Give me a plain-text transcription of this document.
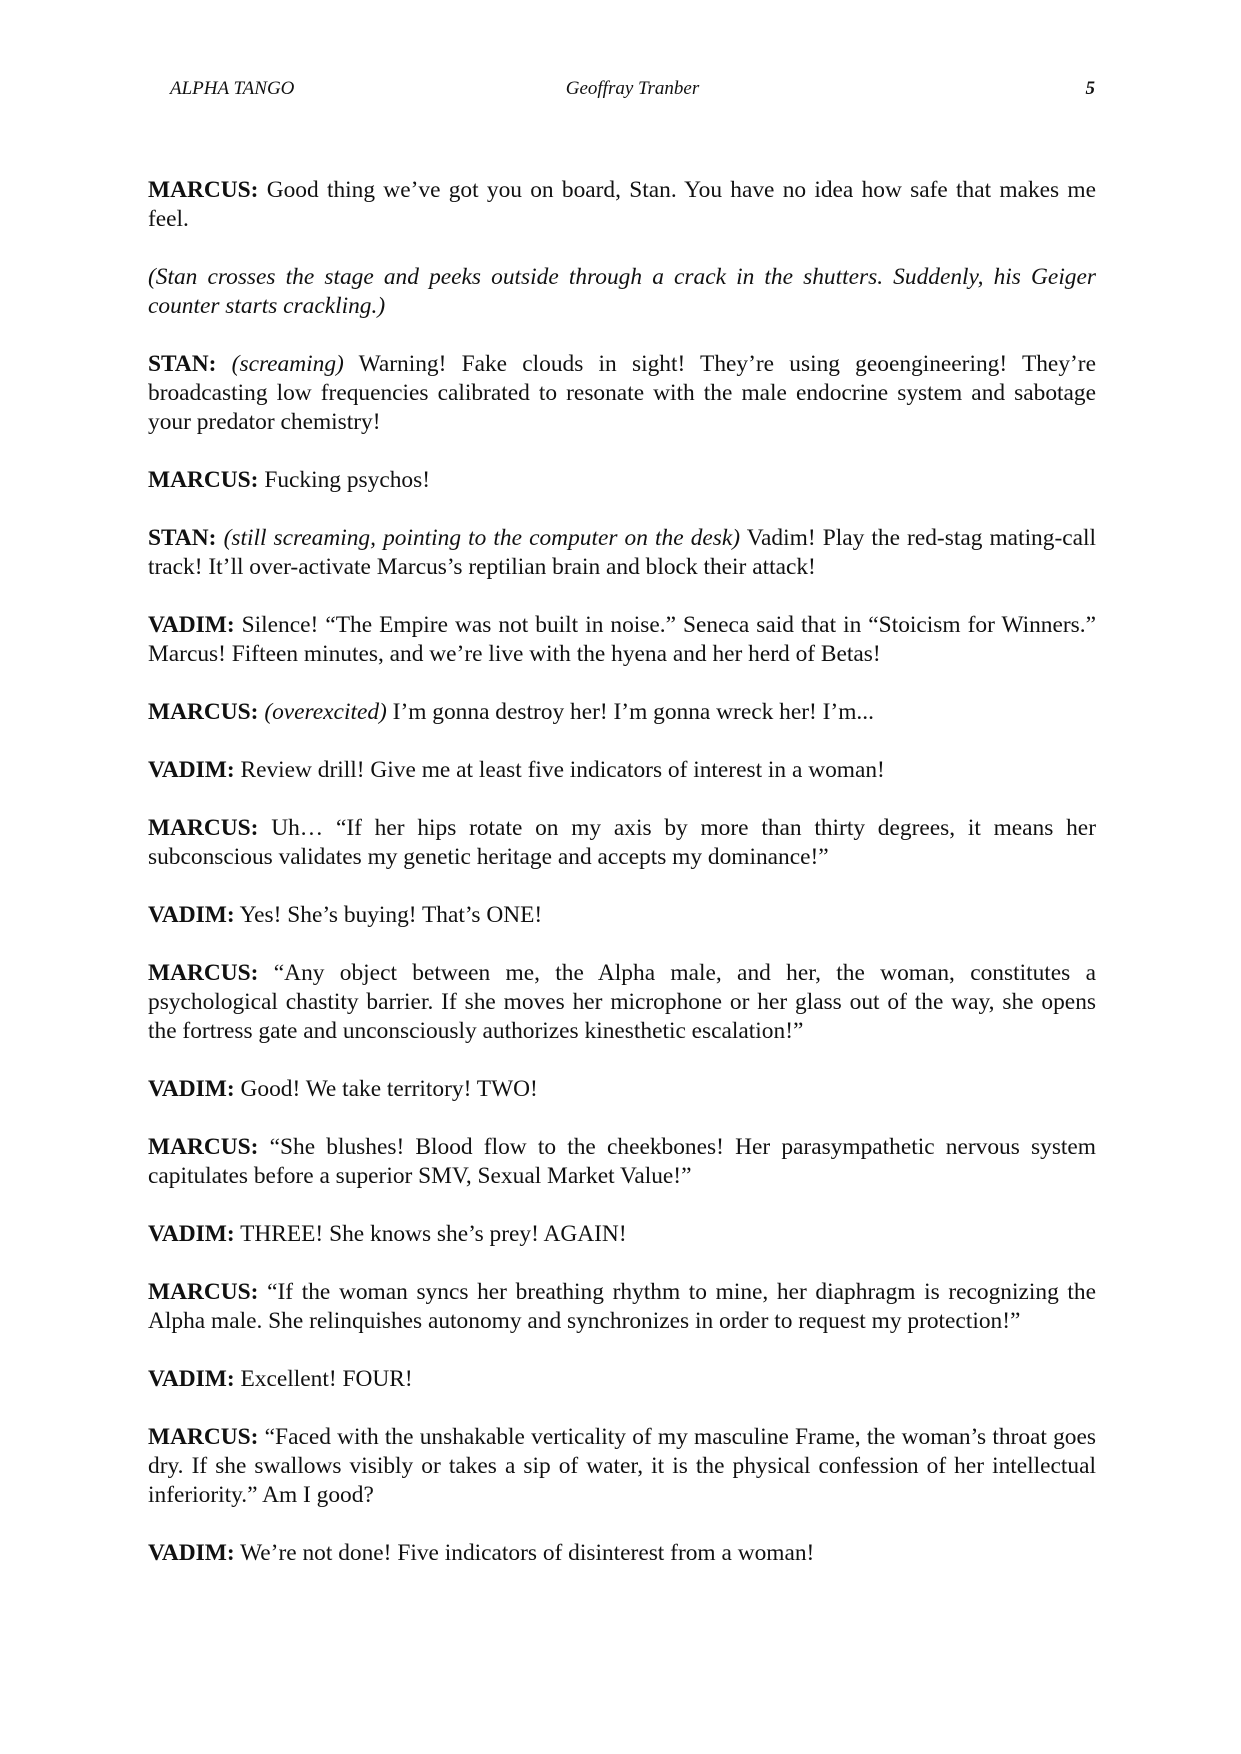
ALPHA TANGO	Geoffray Tranber	5

MARCUS: Good thing we’ve got you on board, Stan. You have no idea how safe that makes me feel.

(Stan crosses the stage and peeks outside through a crack in the shutters. Suddenly, his Geiger counter starts crackling.)

STAN: (screaming) Warning! Fake clouds in sight! They’re using geoengineering! They’re broadcasting low frequencies calibrated to resonate with the male endocrine system and sabotage your predator chemistry!

MARCUS: Fucking psychos!

STAN: (still screaming, pointing to the computer on the desk) Vadim! Play the red-stag mating-call track! It’ll over-activate Marcus’s reptilian brain and block their attack!

VADIM: Silence! “The Empire was not built in noise.” Seneca said that in “Stoicism for Winners.” Marcus! Fifteen minutes, and we’re live with the hyena and her herd of Betas!

MARCUS: (overexcited) I’m gonna destroy her! I’m gonna wreck her! I’m...

VADIM: Review drill! Give me at least five indicators of interest in a woman!

MARCUS: Uh… “If her hips rotate on my axis by more than thirty degrees, it means her subconscious validates my genetic heritage and accepts my dominance!”

VADIM: Yes! She’s buying! That’s ONE!

MARCUS: “Any object between me, the Alpha male, and her, the woman, constitutes a psychological chastity barrier. If she moves her microphone or her glass out of the way, she opens the fortress gate and unconsciously authorizes kinesthetic escalation!”

VADIM: Good! We take territory! TWO!

MARCUS: “She blushes! Blood flow to the cheekbones! Her parasympathetic nervous system capitulates before a superior SMV, Sexual Market Value!”

VADIM: THREE! She knows she’s prey! AGAIN!

MARCUS: “If the woman syncs her breathing rhythm to mine, her diaphragm is recognizing the Alpha male. She relinquishes autonomy and synchronizes in order to request my protection!”

VADIM: Excellent! FOUR!

MARCUS: “Faced with the unshakable verticality of my masculine Frame, the woman’s throat goes dry. If she swallows visibly or takes a sip of water, it is the physical confession of her intellectual inferiority.” Am I good?

VADIM: We’re not done! Five indicators of disinterest from a woman!
